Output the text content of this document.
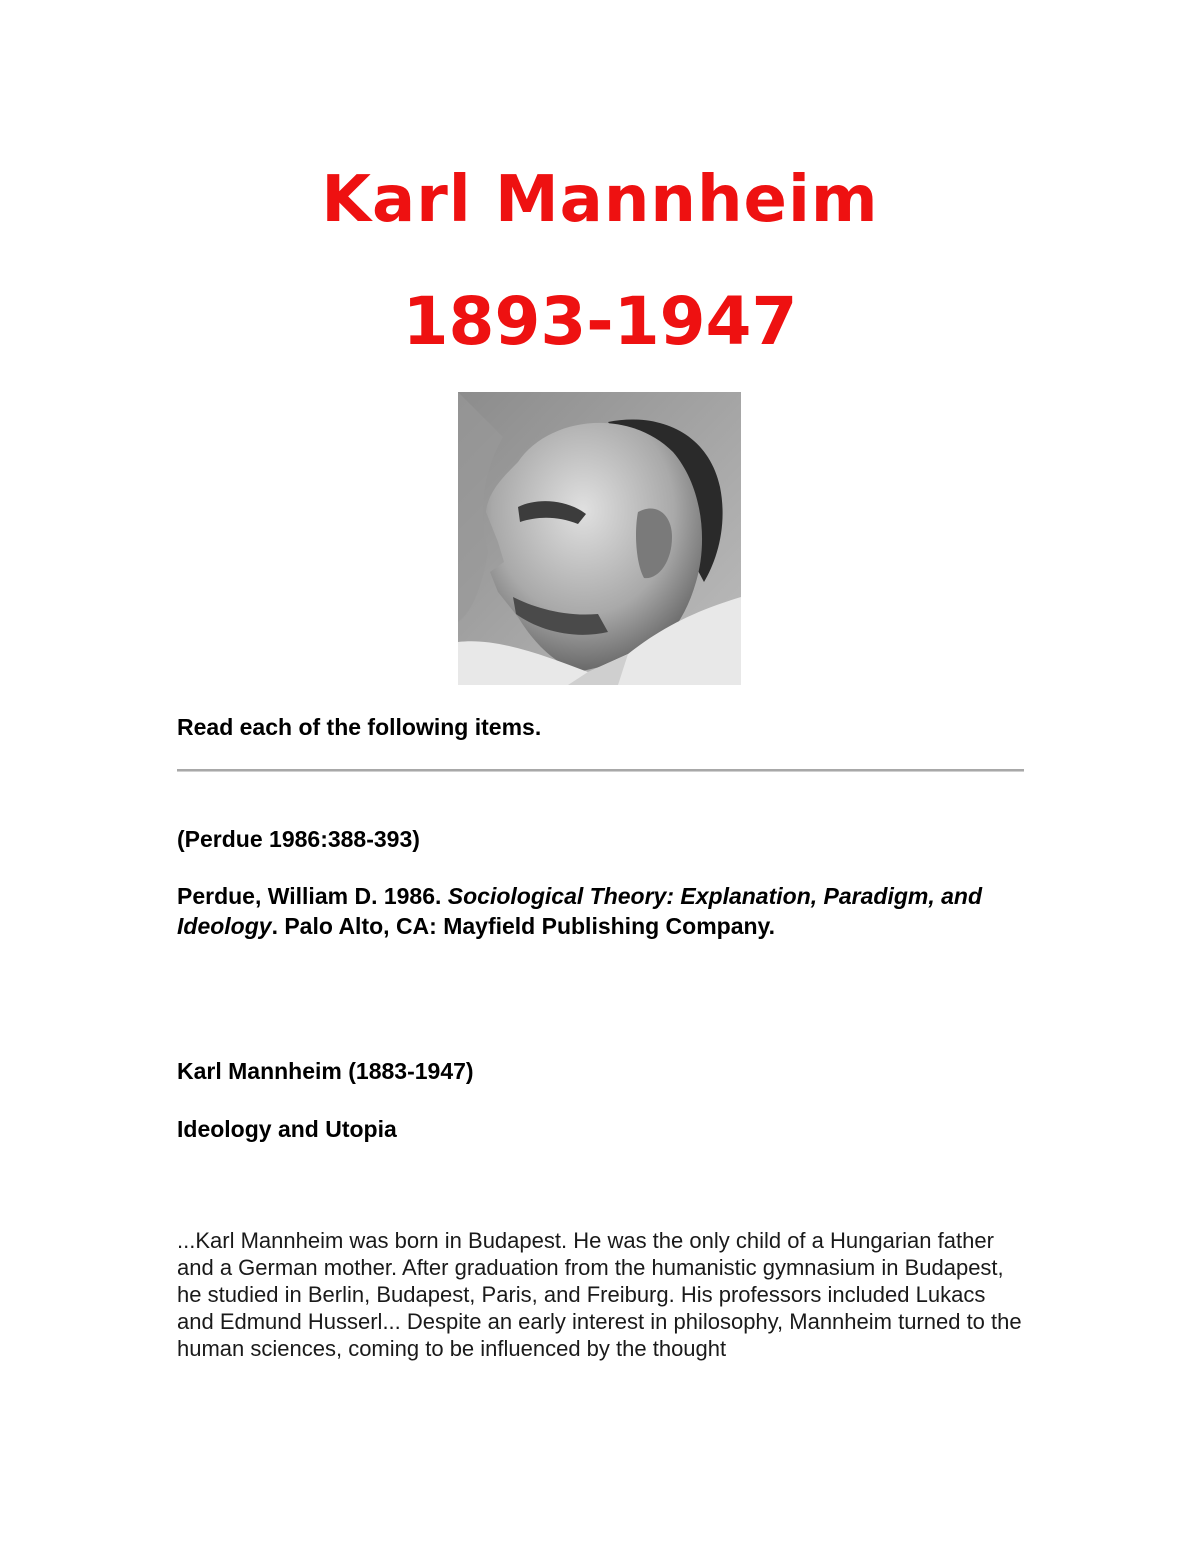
Karl Mannheim
1893-1947

Read each of the following items.

(Perdue 1986:388-393)

Perdue, William D. 1986. Sociological Theory: Explanation, Paradigm, and Ideology. Palo Alto, CA: Mayfield Publishing Company.

Karl Mannheim (1883-1947)

Ideology and Utopia

...Karl Mannheim was born in Budapest. He was the only child of a Hungarian father and a German mother. After graduation from the humanistic gymnasium in Budapest, he studied in Berlin, Budapest, Paris, and Freiburg. His professors included Lukacs and Edmund Husserl... Despite an early interest in philosophy, Mannheim turned to the human sciences, coming to be influenced by the thought
